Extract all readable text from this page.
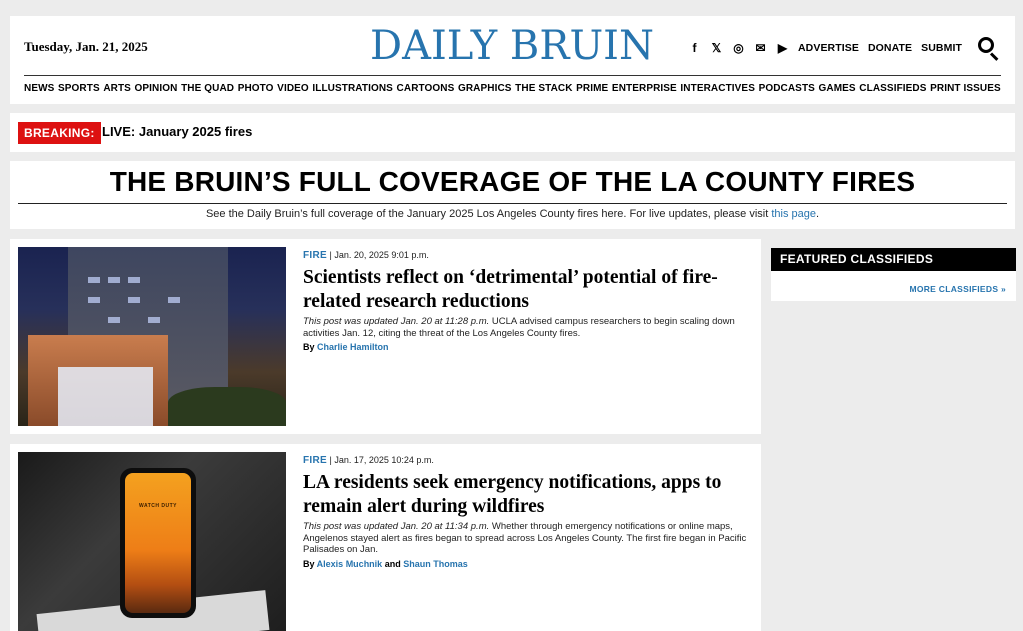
Tuesday, Jan. 21, 2025	DAILY BRUIN	f	𝕏 ◎ ✉ ▶ ADVERTISE DONATE SUBMIT
NEWS SPORTS ARTS OPINION THE QUAD PHOTO VIDEO ILLUSTRATIONS CARTOONS GRAPHICS THE STACK PRIME ENTERPRISE INTERACTIVES PODCASTS GAMES CLASSIFIEDS PRINT ISSUES
BREAKING: LIVE: January 2025 fires
THE BRUIN’S FULL COVERAGE OF THE LA COUNTY FIRES
See the Daily Bruin’s full coverage of the January 2025 Los Angeles County fires here. For live updates, please visit this page.
FIRE | Jan. 20, 2025 9:01 p.m.
Scientists reflect on ‘detrimental’ potential of fire-related research reductions
This post was updated Jan. 20 at 11:28 p.m. UCLA advised campus researchers to begin scaling down activities Jan. 12, citing the threat of the Los Angeles County fires.
By Charlie Hamilton
WATCH DUTY
FIRE | Jan. 17, 2025 10:24 p.m.
LA residents seek emergency notifications, apps to remain alert during wildfires
This post was updated Jan. 20 at 11:34 p.m. Whether through emergency notifications or online maps, Angelenos stayed alert as fires began to spread across Los Angeles County. The first fire began in Pacific Palisades on Jan.
By Alexis Muchnik and Shaun Thomas
FEATURED CLASSIFIEDS
MORE CLASSIFIEDS »
